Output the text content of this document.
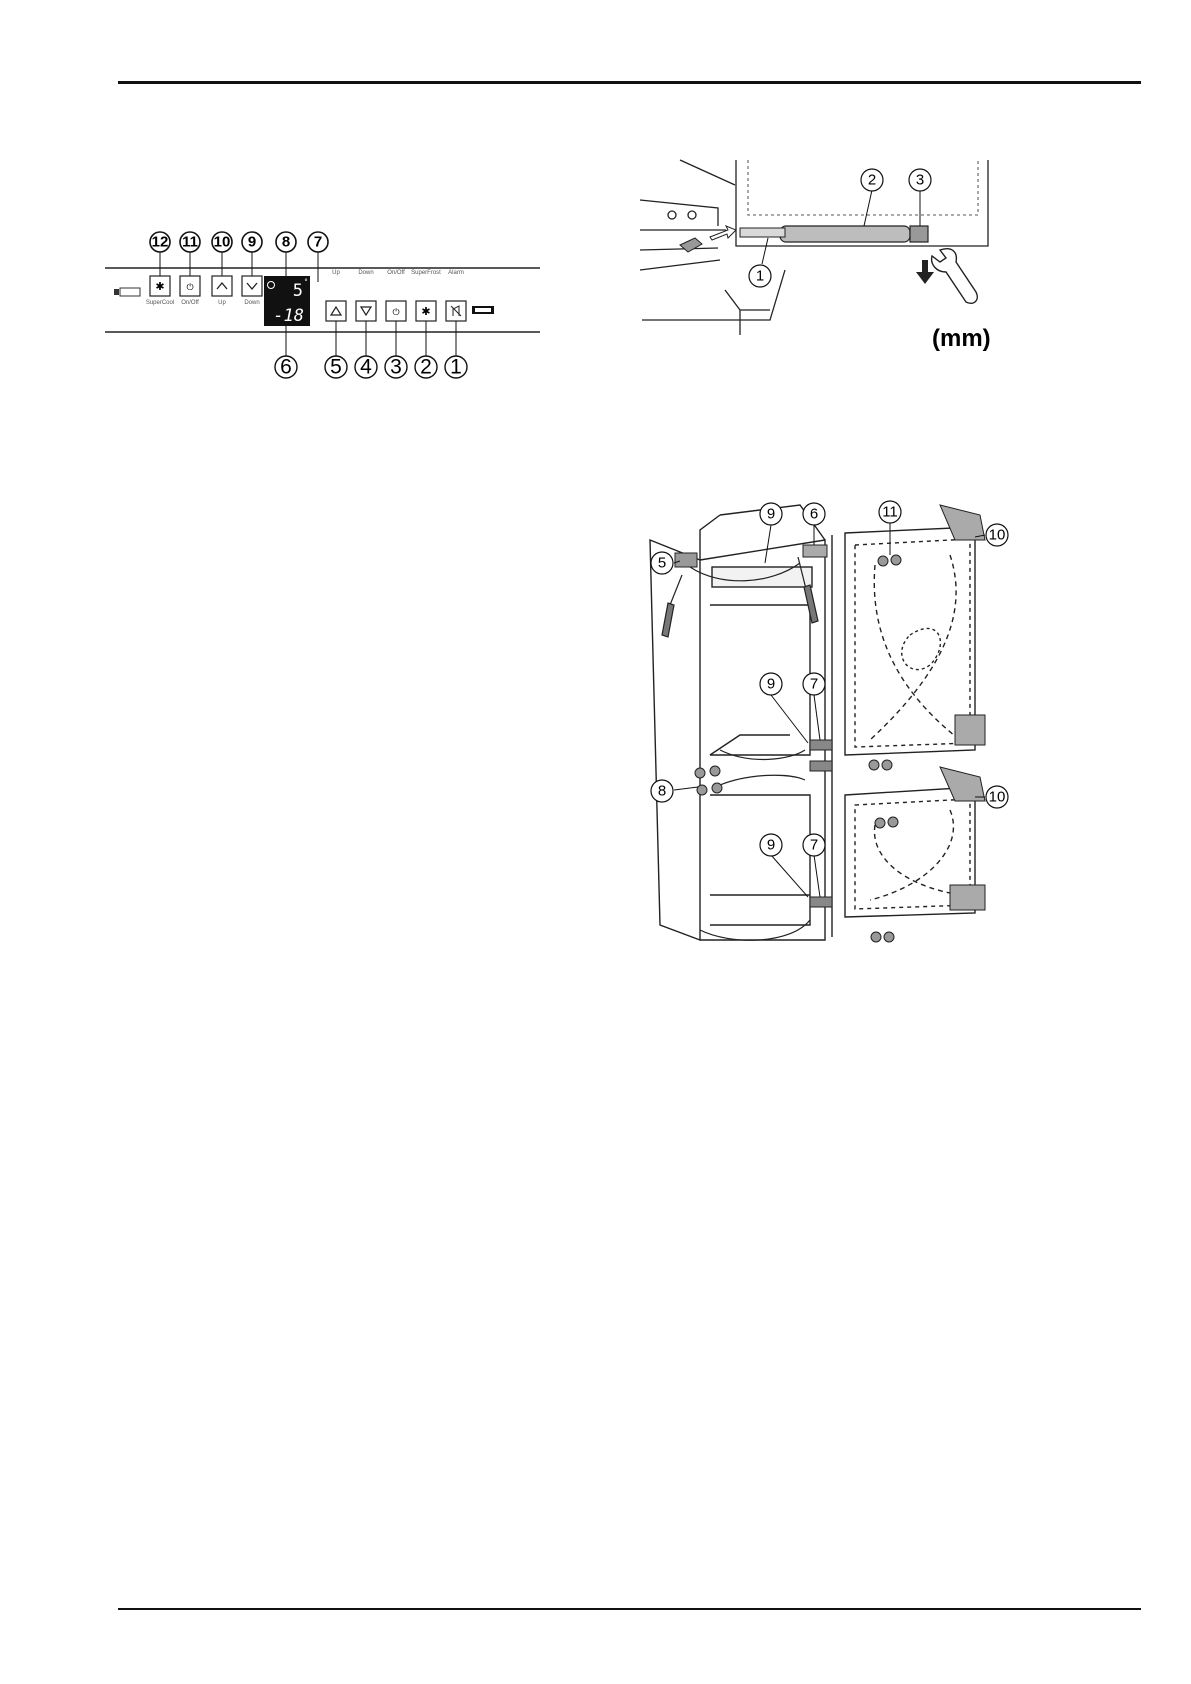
12 11 10 9 8 7
✱
SuperCool
⏻
On/Off	Up	Down
5 °
-18
Up	Down On/Off
⏻
SuperFrost
✱
Alarm
6 5 4 3 2 1
2	3
1
(mm)
9 6
5
11
10
9 7
8	10
9 7
